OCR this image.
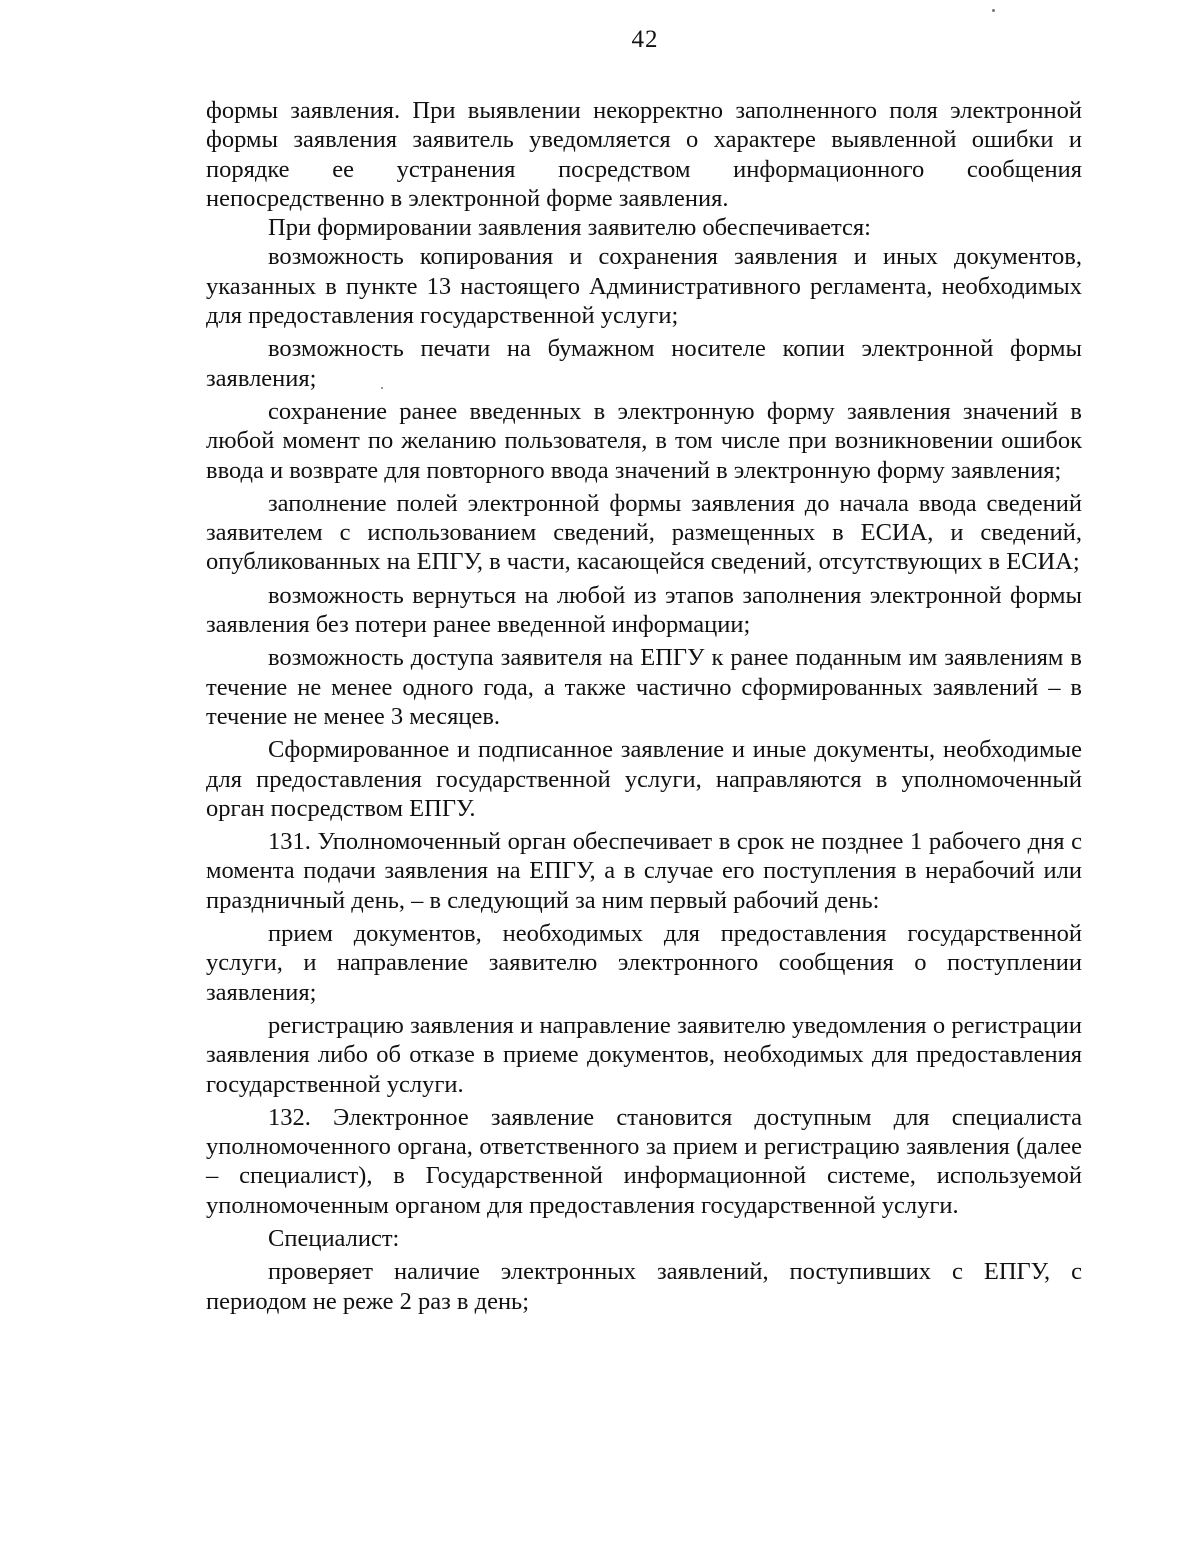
42

формы заявления. При выявлении некорректно заполненного поля электронной формы заявления заявитель уведомляется о характере выявленной ошибки и порядке ее устранения посредством информационного сообщения непосредственно в электронной форме заявления.

При формировании заявления заявителю обеспечивается:

возможность копирования и сохранения заявления и иных документов, указанных в пункте 13 настоящего Административного регламента, необходимых для предоставления государственной услуги;

возможность печати на бумажном носителе копии электронной формы заявления;

сохранение ранее введенных в электронную форму заявления значений в любой момент по желанию пользователя, в том числе при возникновении ошибок ввода и возврате для повторного ввода значений в электронную форму заявления;

заполнение полей электронной формы заявления до начала ввода сведений заявителем с использованием сведений, размещенных в ЕСИА, и сведений, опубликованных на ЕПГУ, в части, касающейся сведений, отсутствующих в ЕСИА;

возможность вернуться на любой из этапов заполнения электронной формы заявления без потери ранее введенной информации;

возможность доступа заявителя на ЕПГУ к ранее поданным им заявлениям в течение не менее одного года, а также частично сформированных заявлений – в течение не менее 3 месяцев.

Сформированное и подписанное заявление и иные документы, необходимые для предоставления государственной услуги, направляются в уполномоченный орган посредством ЕПГУ.

131. Уполномоченный орган обеспечивает в срок не позднее 1 рабочего дня с момента подачи заявления на ЕПГУ, а в случае его поступления в нерабочий или праздничный день, – в следующий за ним первый рабочий день:

прием документов, необходимых для предоставления государственной услуги, и направление заявителю электронного сообщения о поступлении заявления;

регистрацию заявления и направление заявителю уведомления о регистрации заявления либо об отказе в приеме документов, необходимых для предоставления государственной услуги.

132. Электронное заявление становится доступным для специалиста уполномоченного органа, ответственного за прием и регистрацию заявления (далее – специалист), в Государственной информационной системе, используемой уполномоченным органом для предоставления государственной услуги.

Специалист:

проверяет наличие электронных заявлений, поступивших с ЕПГУ, с периодом не реже 2 раз в день;
